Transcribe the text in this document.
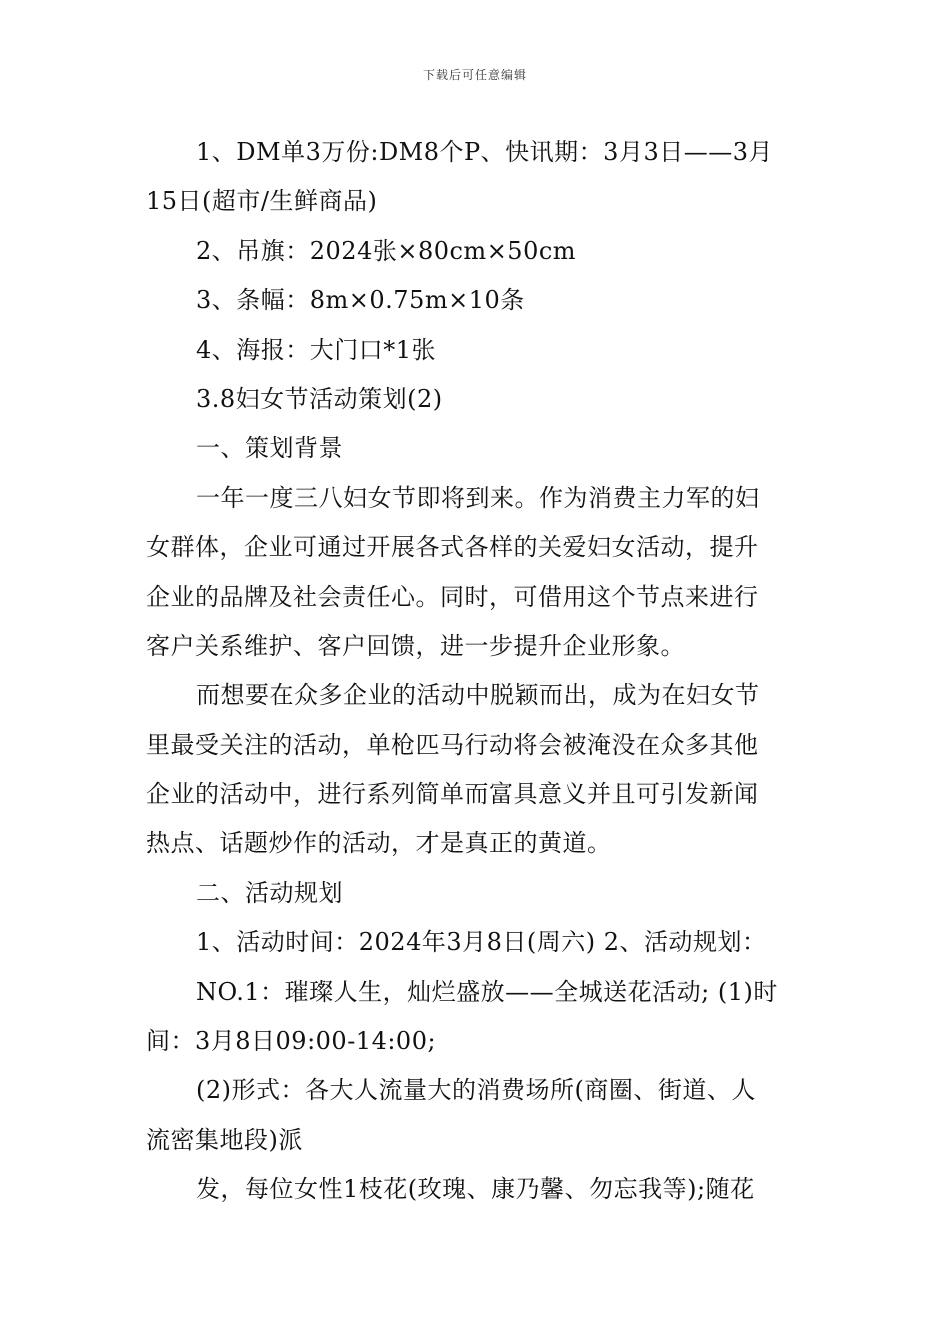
下载后可任意编辑
1、DM单3万份:DM8个P、快讯期：3月3日——3月
15日(超市/生鲜商品)
2、吊旗：2024张×80cm×50cm
3、条幅：8m×0.75m×10条
4、海报：大门口*1张
3.8妇女节活动策划(2)
一、策划背景
一年一度三八妇女节即将到来。作为消费主力军的妇
女群体，企业可通过开展各式各样的关爱妇女活动，提升
企业的品牌及社会责任心。同时，可借用这个节点来进行
客户关系维护、客户回馈，进一步提升企业形象。
而想要在众多企业的活动中脱颖而出，成为在妇女节
里最受关注的活动，单枪匹马行动将会被淹没在众多其他
企业的活动中，进行系列简单而富具意义并且可引发新闻
热点、话题炒作的活动，才是真正的黄道。
二、活动规划
1、活动时间：2024年3月8日(周六) 2、活动规划：
NO.1：璀璨人生，灿烂盛放——全城送花活动; (1)时
间：3月8日09:00-14:00;
(2)形式：各大人流量大的消费场所(商圈、街道、人
流密集地段)派
发，每位女性1枝花(玫瑰、康乃馨、勿忘我等);随花
